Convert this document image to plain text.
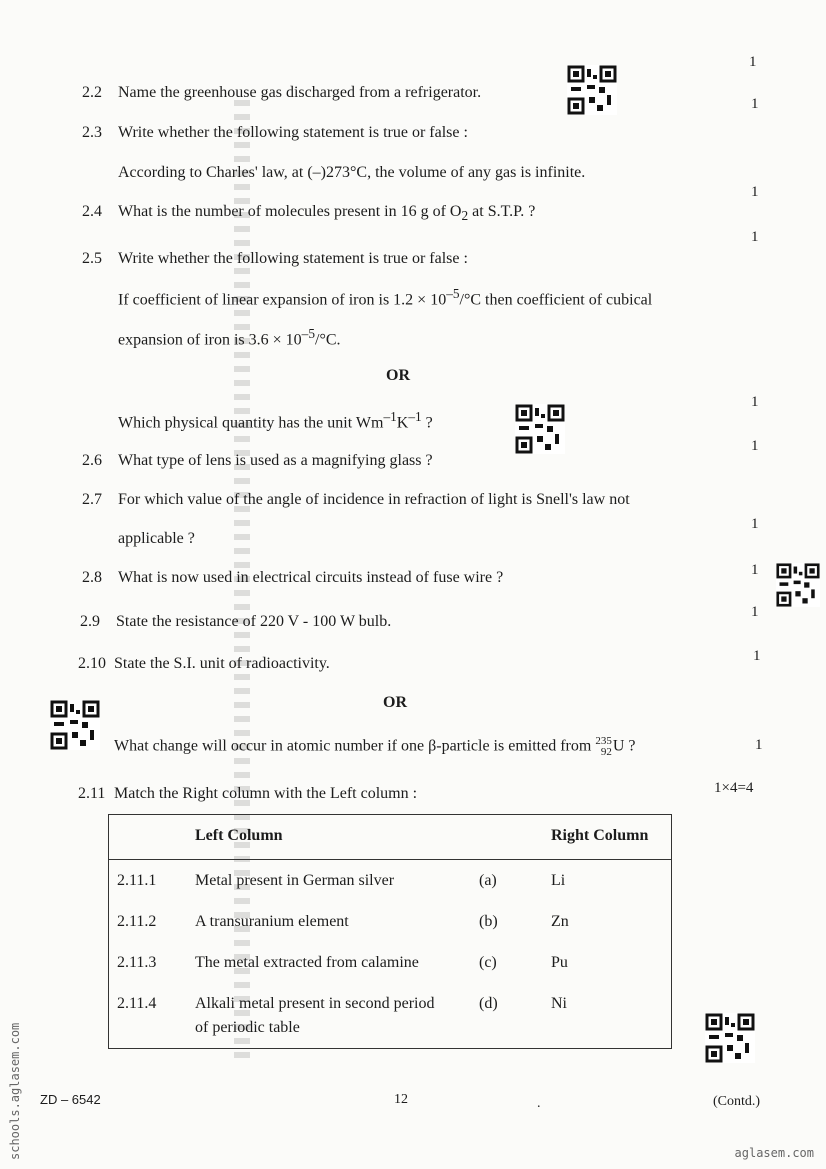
1
2.2 Name the greenhouse gas discharged from a refrigerator.
1
2.3 Write whether the following statement is true or false :
According to Charles' law, at (–)273°C, the volume of any gas is infinite.
1
2.4 What is the number of molecules present in 16 g of $O_2$ at S.T.P. ?
1
2.5 Write whether the following statement is true or false :
If coefficient of linear expansion of iron is $1.2 \times 10^{-5}/^\circ C$ then coefficient of cubical
expansion of iron is $3.6 \times 10^{-5}/^\circ C$.
OR
1
Which physical quantity has the unit $Wm^{-1}K^{-1}$ ?
1
2.6 What type of lens is used as a magnifying glass ?
2.7 For which value of the angle of incidence in refraction of light is Snell's law not
1
applicable ?
2.8 What is now used in electrical circuits instead of fuse wire ?	1
2.9 State the resistance of 220 V - 100 W bulb.
1
2.10 State the S.I. unit of radioactivity.	1
OR
What change will occur in atomic number if one β-particle is emitted from 235
92 U ?	1
2.11 Match the Right column with the Left column :	1×4=4
	Left Column		Right Column
2.11.1	Metal present in German silver	(a)	Li
2.11.2	A transuranium element	(b)	Zn
2.11.3	The metal extracted from calamine	(c)	Pu
2.11.4	Alkali metal present in second period
of periodic table	(d)	Ni
ZD – 6542	12	.	(Contd.)
schools.aglasem.com	aglasem.com
